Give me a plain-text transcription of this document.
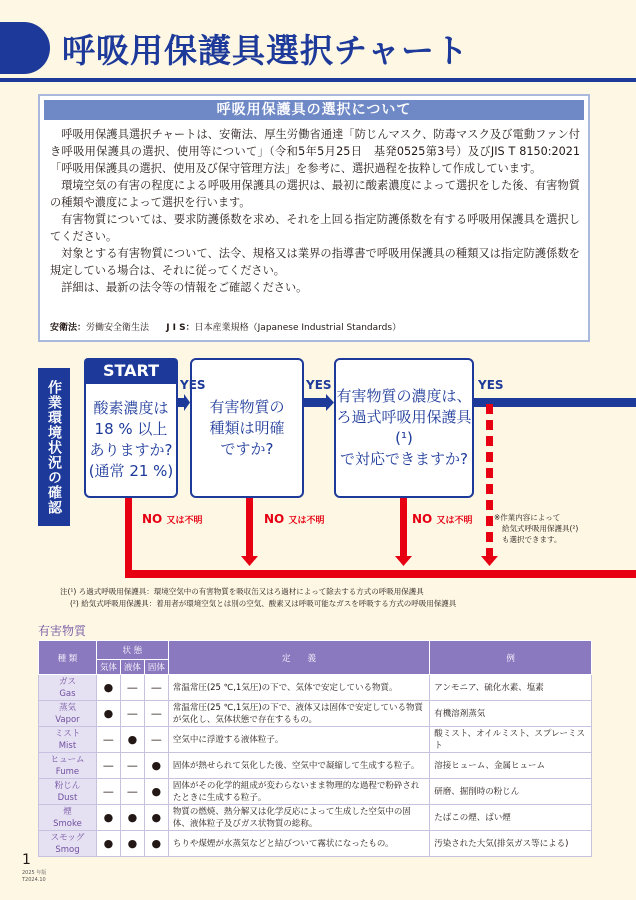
呼吸用保護具選択チャート
呼吸用保護具の選択について

呼吸用保護具選択チャートは、安衛法、厚生労働省通達「防じんマスク、防毒マスク及び電動ファン付き呼吸用保護具の選択、使用等について」（令和5年5月25日　基発0525第3号）及びJIS T 8150:2021「呼吸用保護具の選択、使用及び保守管理方法」を参考に、選択過程を抜粋して作成しています。

環境空気の有害の程度による呼吸用保護具の選択は、最初に酸素濃度によって選択をした後、有害物質の種類や濃度によって選択を行います。

有害物質については、要求防護係数を求め、それを上回る指定防護係数を有する呼吸用保護具を選択してください。

対象とする有害物質について、法令、規格又は業界の指導書で呼吸用保護具の種類又は指定防護係数を規定している場合は、それに従ってください。

詳細は、最新の法令等の情報をご確認ください。

安衛法：労働安全衛生法 J I S：日本産業規格（Japanese Industrial Standards）
作業環境状況の確認
START
酸素濃度は
18 % 以上
ありますか?
(通常 21 %)
有害物質の
種類は明確
ですか?
有害物質の濃度は、
ろ過式呼吸用保護具(¹)
で対応できますか?
YES	YES	YES
NO 又は不明	NO 又は不明	NO 又は不明	※作業内容によって
給気式呼吸用保護具(²)
も選択できます。
注(¹) ろ過式呼吸用保護具：環境空気中の有害物質を吸収缶又はろ過材によって除去する方式の呼吸用保護具
(²) 給気式呼吸用保護具：着用者が環境空気とは別の空気、酸素又は呼吸可能なガスを呼吸する方式の呼吸用保護具
有害物質
種 類	状 態			定　　義	例
	気体	液体	固体		

ガス
Gas	●	—	—	常温常圧(25 ℃,1気圧)の下で、気体で安定している物質。	アンモニア、硫化水素、塩素

蒸気
Vapor	●	—	—	常温常圧(25 ℃,1気圧)の下で、液体又は固体で安定している物質が気化し、気体状態で存在するもの。	有機溶剤蒸気

ミスト
Mist	—	●	—	空気中に浮遊する液体粒子。	酸ミスト、オイルミスト、スプレーミスト

ヒューム
Fume	—	—	●	固体が熱せられて気化した後、空気中で凝縮して生成する粒子。	溶接ヒューム、金属ヒューム

粉じん
Dust	—	—	●	固体がその化学的組成が変わらないまま物理的な過程で粉砕されたときに生成する粒子。	研磨、掘削時の粉じん

煙
Smoke	●	●	●	物質の燃焼、熱分解又は化学反応によって生成した空気中の固体、液体粒子及びガス状物質の総称。	たばこの煙、ばい煙

スモッグ
Smog	●	●	●	ちりや煤煙が水蒸気などと結びついて霧状になったもの。	汚染された大気(排気ガス等による)
1
2025 年版
T2024.10
